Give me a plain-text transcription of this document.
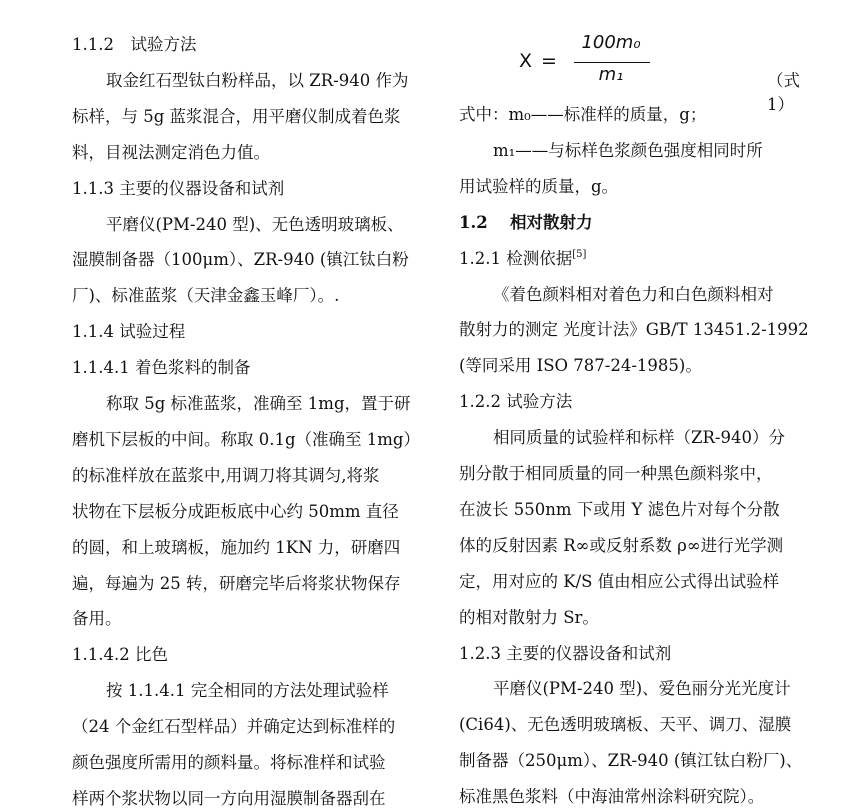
1.1.2　试验方法
取金红石型钛白粉样品，以 ZR-940 作为
标样，与 5g 蓝浆混合，用平磨仪制成着色浆
料，目视法测定消色力值。
1.1.3 主要的仪器设备和试剂
平磨仪(PM-240 型)、无色透明玻璃板、
湿膜制备器（100μm）、ZR-940 (镇江钛白粉
厂)、标准蓝浆（天津金鑫玉峰厂）。.
1.1.4 试验过程
1.1.4.1 着色浆料的制备
称取 5g 标准蓝浆，准确至 1mg，置于研
磨机下层板的中间。称取 0.1g（准确至 1mg）
的标准样放在蓝浆中,用调刀将其调匀,将浆
状物在下层板分成距板底中心约 50mm 直径
的圆，和上玻璃板，施加约 1KN 力，研磨四
遍，每遍为 25 转，研磨完毕后将浆状物保存
备用。
1.1.4.2 比色
按 1.1.4.1 完全相同的方法处理试验样
（24 个金红石型样品）并确定达到标准样的
颜色强度所需用的颜料量。将标准样和试验
样两个浆状物以同一方向用湿膜制备器刮在
X =
100m₀
m₁	（式 1）
式中：m₀——标准样的质量，g；
m₁——与标样色浆颜色强度相同时所
用试验样的质量，g。
1.2　 相对散射力
1.2.1 检测依据[5]
《着色颜料相对着色力和白色颜料相对
散射力的测定 光度计法》GB/T 13451.2-1992
(等同采用 ISO 787-24-1985)。
1.2.2 试验方法
相同质量的试验样和标样（ZR-940）分
别分散于相同质量的同一种黑色颜料浆中，
在波长 550nm 下或用 Y 滤色片对每个分散
体的反射因素 R∞或反射系数 ρ∞进行光学测
定，用对应的 K/S 值由相应公式得出试验样
的相对散射力 Sr。
1.2.3 主要的仪器设备和试剂
平磨仪(PM-240 型)、爱色丽分光光度计
(Ci64)、无色透明玻璃板、天平、调刀、湿膜
制备器（250μm）、ZR-940 (镇江钛白粉厂)、
标准黑色浆料（中海油常州涂料研究院）。
